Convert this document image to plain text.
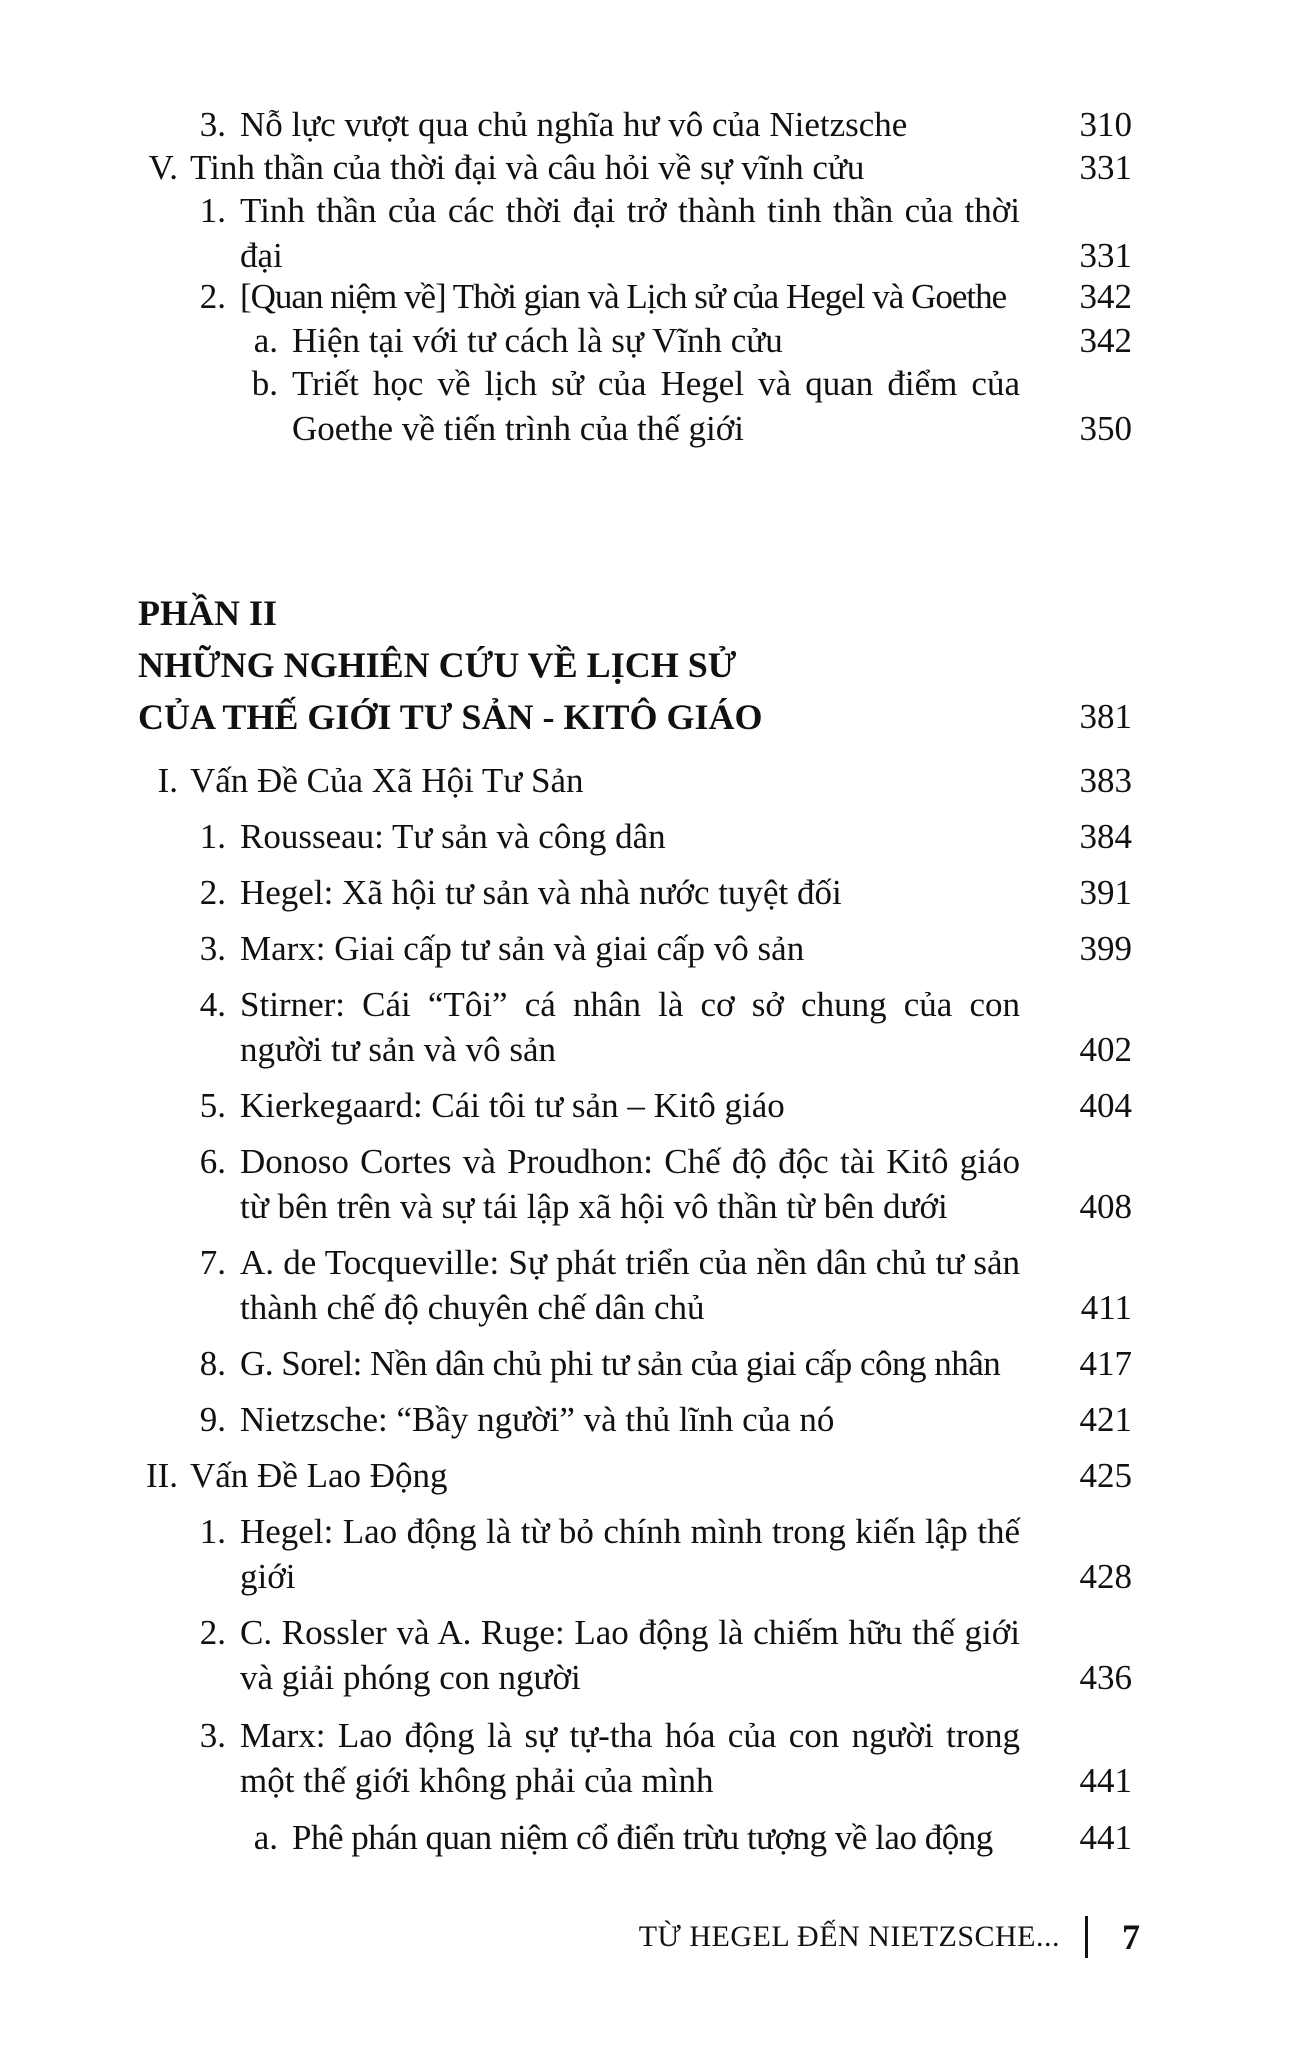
3. Nỗ lực vượt qua chủ nghĩa hư vô của Nietzsche	310
V. Tinh thần của thời đại và câu hỏi về sự vĩnh cửu	331
1. Tinh thần của các thời đại trở thành tinh thần của thời đại	331
2. [Quan niệm về] Thời gian và Lịch sử của Hegel và Goethe	342
a. Hiện tại với tư cách là sự Vĩnh cửu	342
b. Triết học về lịch sử của Hegel và quan điểm của Goethe về tiến trình của thế giới	350
PHẦN II
NHỮNG NGHIÊN CỨU VỀ LỊCH SỬ
CỦA THẾ GIỚI TƯ SẢN - KITÔ GIÁO	381
I. Vấn Đề Của Xã Hội Tư Sản	383
1. Rousseau: Tư sản và công dân	384
2. Hegel: Xã hội tư sản và nhà nước tuyệt đối	391
3. Marx: Giai cấp tư sản và giai cấp vô sản	399
4. Stirner: Cái “Tôi” cá nhân là cơ sở chung của con người tư sản và vô sản	402
5. Kierkegaard: Cái tôi tư sản – Kitô giáo	404
6. Donoso Cortes và Proudhon: Chế độ độc tài Kitô giáo từ bên trên và sự tái lập xã hội vô thần từ bên dưới	408
7. A. de Tocqueville: Sự phát triển của nền dân chủ tư sản thành chế độ chuyên chế dân chủ	411
8. G. Sorel: Nền dân chủ phi tư sản của giai cấp công nhân	417
9. Nietzsche: “Bầy người” và thủ lĩnh của nó	421
II. Vấn Đề Lao Động	425
1. Hegel: Lao động là từ bỏ chính mình trong kiến lập thế giới	428
2. C. Rossler và A. Ruge: Lao động là chiếm hữu thế giới và giải phóng con người	436
3. Marx: Lao động là sự tự-tha hóa của con người trong một thế giới không phải của mình	441
a. Phê phán quan niệm cổ điển trừu tượng về lao động	441
TỪ HEGEL ĐẾN NIETZSCHE...	7
